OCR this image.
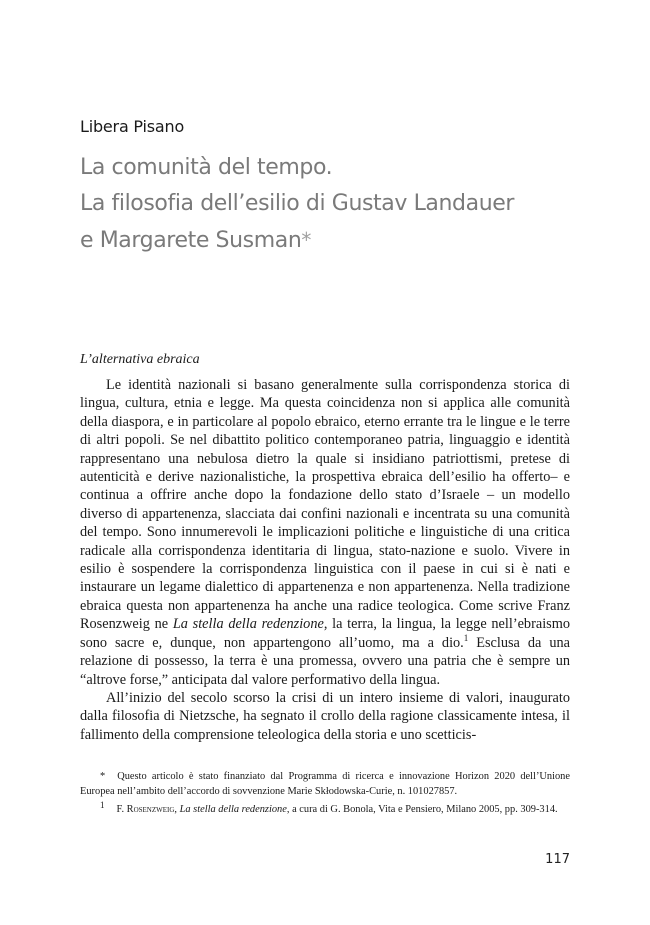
Libera Pisano
La comunità del tempo.
La filosofia dell’esilio di Gustav Landauer
e Margarete Susman*
L’alternativa ebraica

Le identità nazionali si basano generalmente sulla corrispondenza storica di lingua, cultura, etnia e legge. Ma questa coincidenza non si applica alle comunità della diaspora, e in particolare al popolo ebraico, eterno errante tra le lingue e le terre di altri popoli. Se nel dibattito politico contemporaneo patria, linguaggio e identità rappresentano una nebulosa dietro la quale si insidiano patriottismi, pretese di autenticità e derive nazionalistiche, la prospettiva ebraica dell’esilio ha offerto– e continua a offrire anche dopo la fondazione dello stato d’Israele – un modello diverso di appartenenza, slacciata dai confini nazionali e incentrata su una comunità del tempo. Sono innumerevoli le implicazioni politiche e linguistiche di una critica radicale alla corrispondenza identitaria di lingua, stato-nazione e suolo. Vivere in esilio è sospendere la corrispondenza linguistica con il paese in cui si è nati e instaurare un legame dialettico di appartenenza e non appartenenza. Nella tradizione ebraica questa non appartenenza ha anche una radice teologica. Come scrive Franz Rosenzweig ne La stella della redenzione, la terra, la lingua, la legge nell’ebraismo sono sacre e, dunque, non appartengono all’uomo, ma a dio.$^1$ Esclusa da una relazione di possesso, la terra è una promessa, ovvero una patria che è sempre un “altrove forse,” anticipata dal valore performativo della lingua.

All’inizio del secolo scorso la crisi di un intero insieme di valori, inaugurato dalla filosofia di Nietzsche, ha segnato il crollo della ragione classicamente intesa, il fallimento della comprensione teleologica della storia e uno scetticis-

* Questo articolo è stato finanziato dal Programma di ricerca e innovazione Horizon 2020 dell’Unione Europea nell’ambito dell’accordo di sovvenzione Marie Skłodowska-Curie, n. 101027857.

$^1$ F. Rosenzweig, La stella della redenzione, a cura di G. Bonola, Vita e Pensiero, Milano 2005, pp. 309-314.

117
